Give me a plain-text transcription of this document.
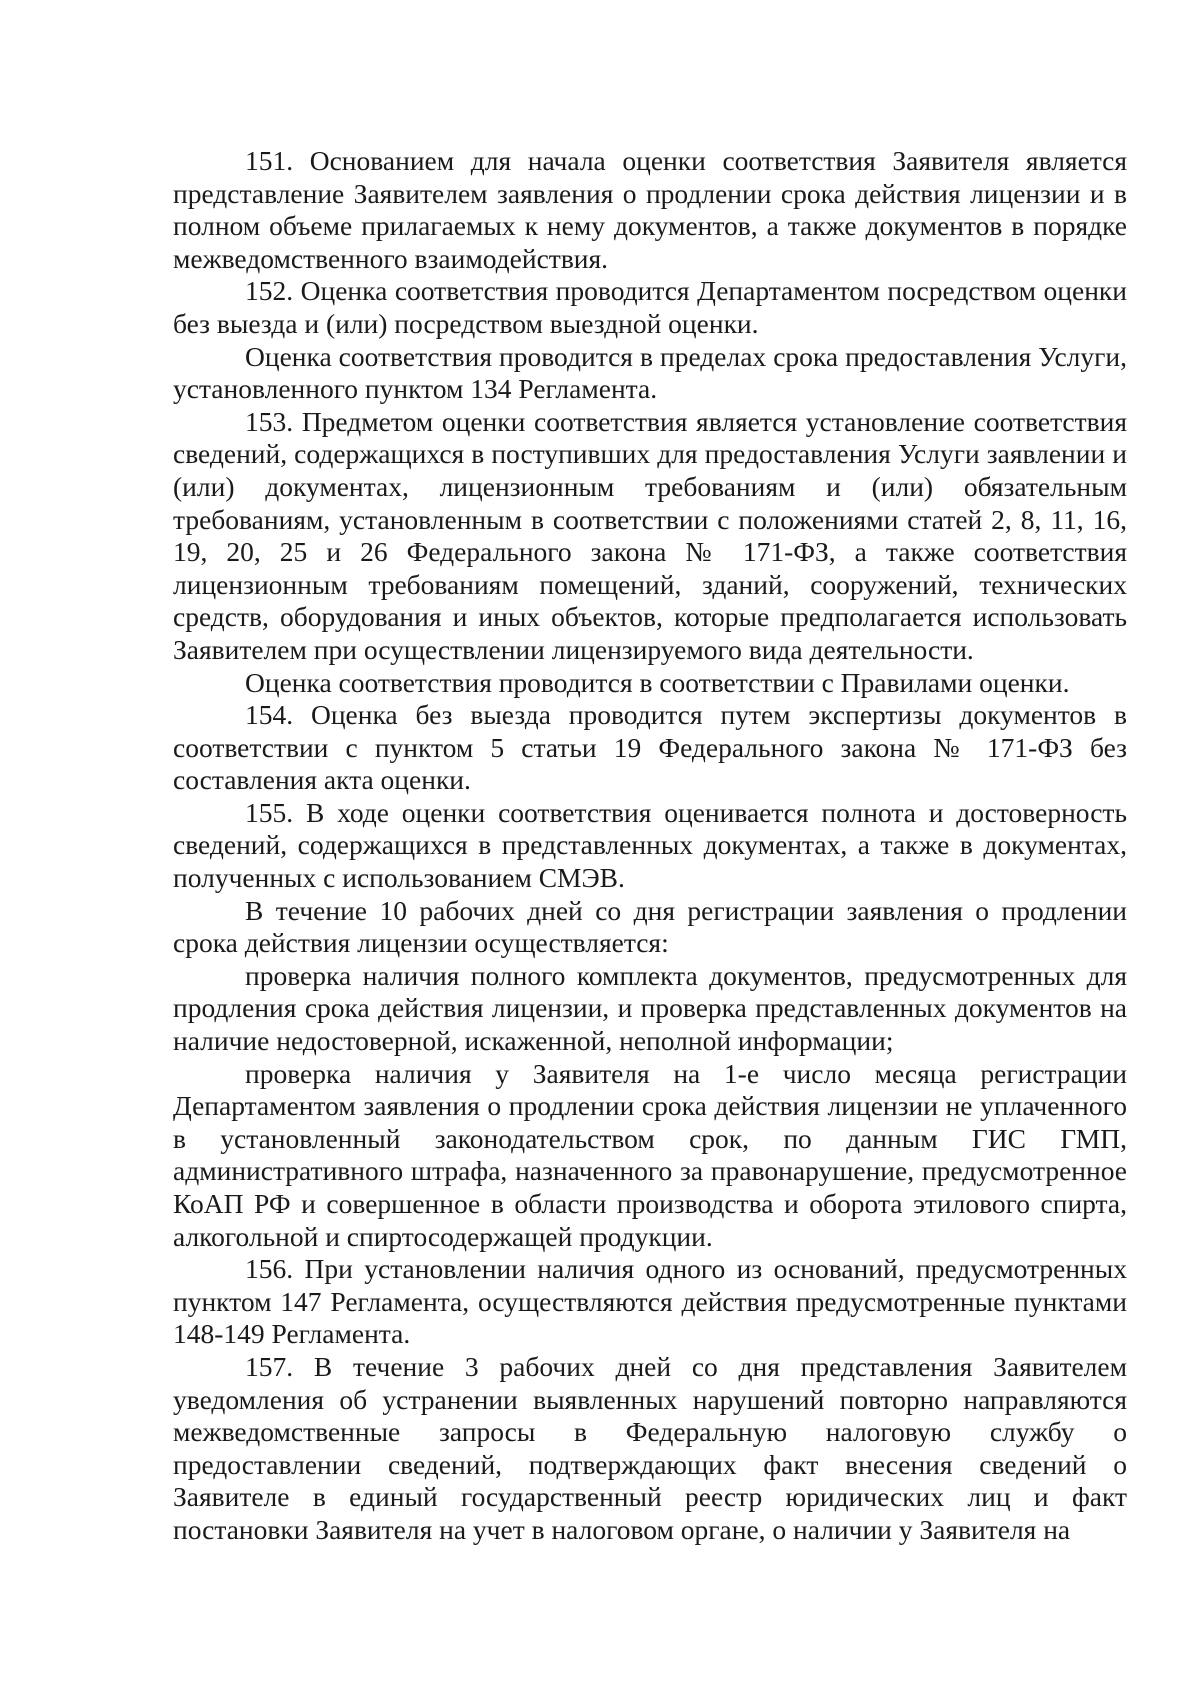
151. Основанием для начала оценки соответствия Заявителя является представление Заявителем заявления о продлении срока действия лицензии и в полном объеме прилагаемых к нему документов, а также документов в порядке межведомственного взаимодействия.

152. Оценка соответствия проводится Департаментом посредством оценки без выезда и (или) посредством выездной оценки.

Оценка соответствия проводится в пределах срока предоставления Услуги, установленного пунктом 134 Регламента.

153. Предметом оценки соответствия является установление соответствия сведений, содержащихся в поступивших для предоставления Услуги заявлении и (или) документах, лицензионным требованиям и (или) обязательным требованиям, установленным в соответствии с положениями статей 2, 8, 11, 16, 19, 20, 25 и 26 Федерального закона № 171-ФЗ, а также соответствия лицензионным требованиям помещений, зданий, сооружений, технических средств, оборудования и иных объектов, которые предполагается использовать Заявителем при осуществлении лицензируемого вида деятельности.

Оценка соответствия проводится в соответствии с Правилами оценки.

154. Оценка без выезда проводится путем экспертизы документов в соответствии с пунктом 5 статьи 19 Федерального закона № 171-ФЗ без составления акта оценки.

155. В ходе оценки соответствия оценивается полнота и достоверность сведений, содержащихся в представленных документах, а также в документах, полученных с использованием СМЭВ.

В течение 10 рабочих дней со дня регистрации заявления о продлении срока действия лицензии осуществляется:

проверка наличия полного комплекта документов, предусмотренных для продления срока действия лицензии, и проверка представленных документов на наличие недостоверной, искаженной, неполной информации;

проверка наличия у Заявителя на 1-е число месяца регистрации Департаментом заявления о продлении срока действия лицензии не уплаченного в установленный законодательством срок, по данным ГИС ГМП, административного штрафа, назначенного за правонарушение, предусмотренное КоАП РФ и совершенное в области производства и оборота этилового спирта, алкогольной и спиртосодержащей продукции.

156. При установлении наличия одного из оснований, предусмотренных пунктом 147 Регламента, осуществляются действия предусмотренные пунктами 148-149 Регламента.

157. В течение 3 рабочих дней со дня представления Заявителем уведомления об устранении выявленных нарушений повторно направляются межведомственные запросы в Федеральную налоговую службу о предоставлении сведений, подтверждающих факт внесения сведений о Заявителе в единый государственный реестр юридических лиц и факт постановки Заявителя на учет в налоговом органе, о наличии у Заявителя на
